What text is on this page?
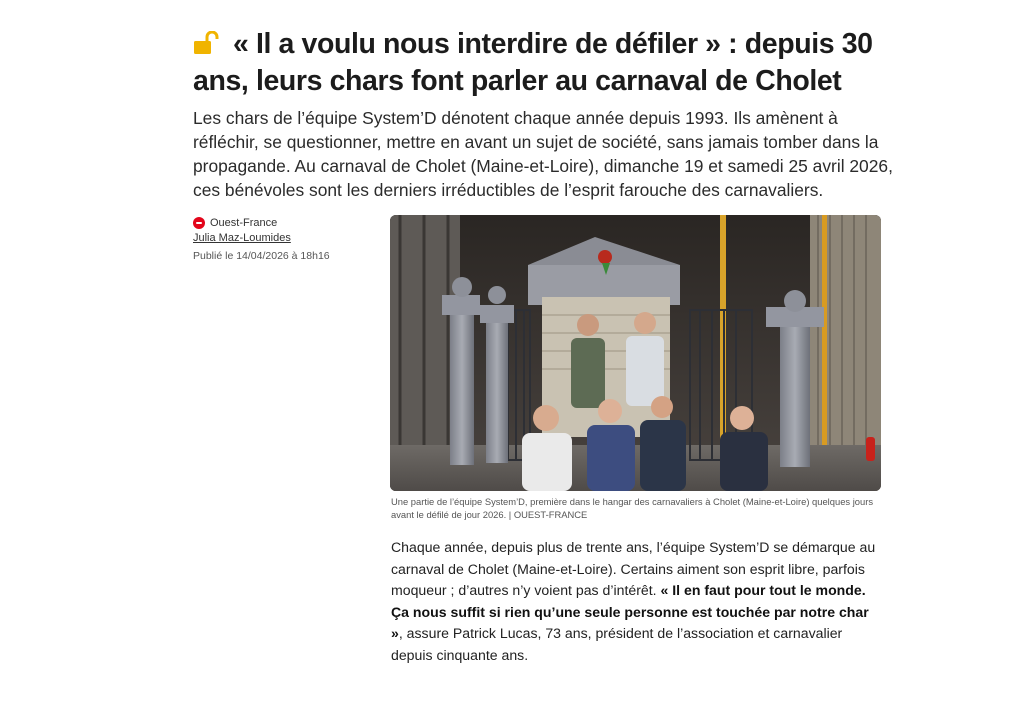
« Il a voulu nous interdire de défiler » : depuis 30 ans, leurs chars font parler au carnaval de Cholet

Les chars de l’équipe System’D dénotent chaque année depuis 1993. Ils amènent à réfléchir, se questionner, mettre en avant un sujet de société, sans jamais tomber dans la propagande. Au carnaval de Cholet (Maine-et-Loire), dimanche 19 et samedi 25 avril 2026, ces bénévoles sont les derniers irréductibles de l’esprit farouche des carnavaliers.

Ouest-France
Julia Maz-Loumides
Publié le 14/04/2026 à 18h16

Une partie de l’équipe System’D, première dans le hangar des carnavaliers à Cholet (Maine-et-Loire) quelques jours avant le défilé de jour 2026. | OUEST-FRANCE

Chaque année, depuis plus de trente ans, l’équipe System’D se démarque au carnaval de Cholet (Maine-et-Loire). Certains aiment son esprit libre, parfois moqueur ; d’autres n’y voient pas d’intérêt. « Il en faut pour tout le monde. Ça nous suffit si rien qu’une seule personne est touchée par notre char », assure Patrick Lucas, 73 ans, président de l’association et carnavalier depuis cinquante ans.
